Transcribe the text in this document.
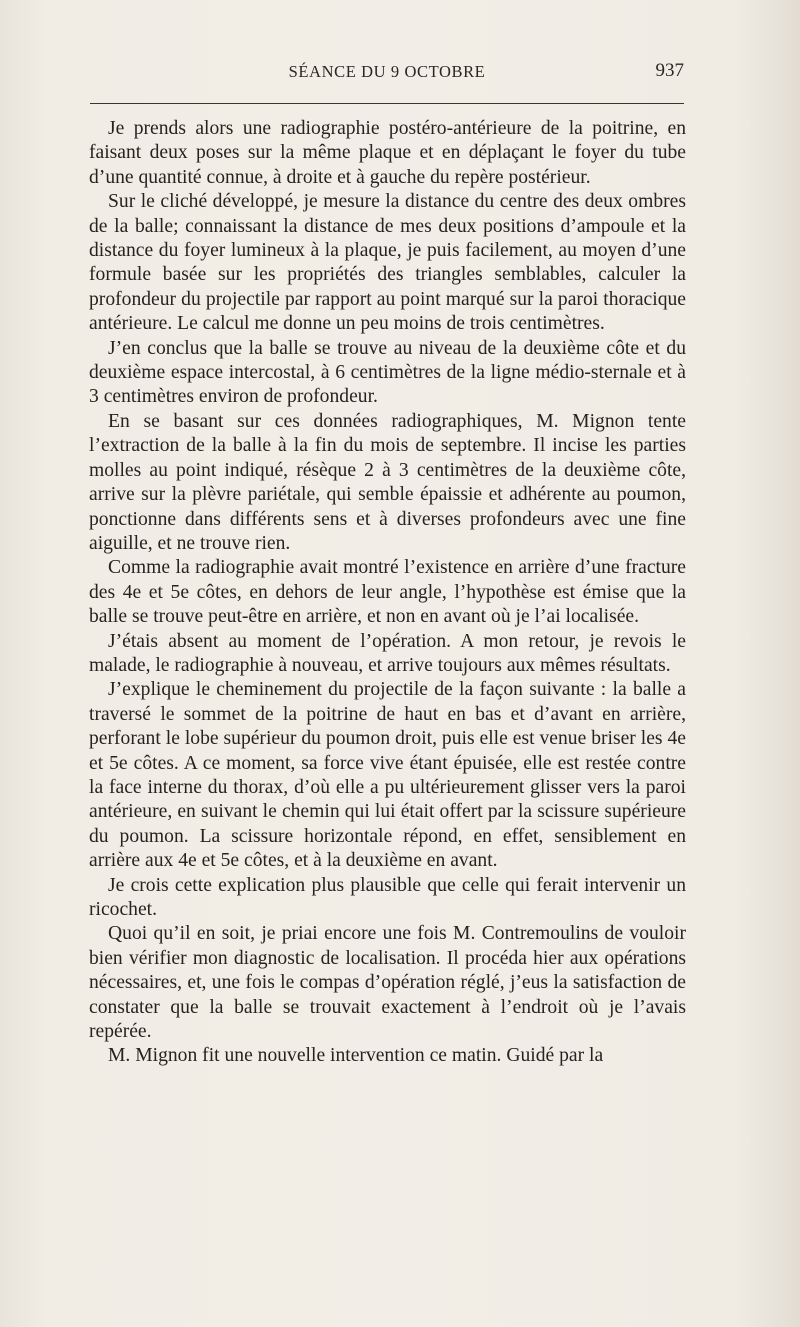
SÉANCE DU 9 OCTOBRE	937

Je prends alors une radiographie postéro-antérieure de la poitrine, en faisant deux poses sur la même plaque et en déplaçant le foyer du tube d’une quantité connue, à droite et à gauche du repère postérieur.

Sur le cliché développé, je mesure la distance du centre des deux ombres de la balle; connaissant la distance de mes deux positions d’ampoule et la distance du foyer lumineux à la plaque, je puis facilement, au moyen d’une formule basée sur les propriétés des triangles semblables, calculer la profondeur du projectile par rapport au point marqué sur la paroi thoracique antérieure. Le calcul me donne un peu moins de trois centimètres.

J’en conclus que la balle se trouve au niveau de la deuxième côte et du deuxième espace intercostal, à 6 centimètres de la ligne médio-sternale et à 3 centimètres environ de profondeur.

En se basant sur ces données radiographiques, M. Mignon tente l’extraction de la balle à la fin du mois de septembre. Il incise les parties molles au point indiqué, résèque 2 à 3 centimètres de la deuxième côte, arrive sur la plèvre pariétale, qui semble épaissie et adhérente au poumon, ponctionne dans différents sens et à diverses profondeurs avec une fine aiguille, et ne trouve rien.

Comme la radiographie avait montré l’existence en arrière d’une fracture des 4e et 5e côtes, en dehors de leur angle, l’hypothèse est émise que la balle se trouve peut-être en arrière, et non en avant où je l’ai localisée.

J’étais absent au moment de l’opération. A mon retour, je revois le malade, le radiographie à nouveau, et arrive toujours aux mêmes résultats.

J’explique le cheminement du projectile de la façon suivante : la balle a traversé le sommet de la poitrine de haut en bas et d’avant en arrière, perforant le lobe supérieur du poumon droit, puis elle est venue briser les 4e et 5e côtes. A ce moment, sa force vive étant épuisée, elle est restée contre la face interne du thorax, d’où elle a pu ultérieurement glisser vers la paroi antérieure, en suivant le chemin qui lui était offert par la scissure supérieure du poumon. La scissure horizontale répond, en effet, sensiblement en arrière aux 4e et 5e côtes, et à la deuxième en avant.

Je crois cette explication plus plausible que celle qui ferait intervenir un ricochet.

Quoi qu’il en soit, je priai encore une fois M. Contremoulins de vouloir bien vérifier mon diagnostic de localisation. Il procéda hier aux opérations nécessaires, et, une fois le compas d’opération réglé, j’eus la satisfaction de constater que la balle se trouvait exactement à l’endroit où je l’avais repérée.

M. Mignon fit une nouvelle intervention ce matin. Guidé par la
